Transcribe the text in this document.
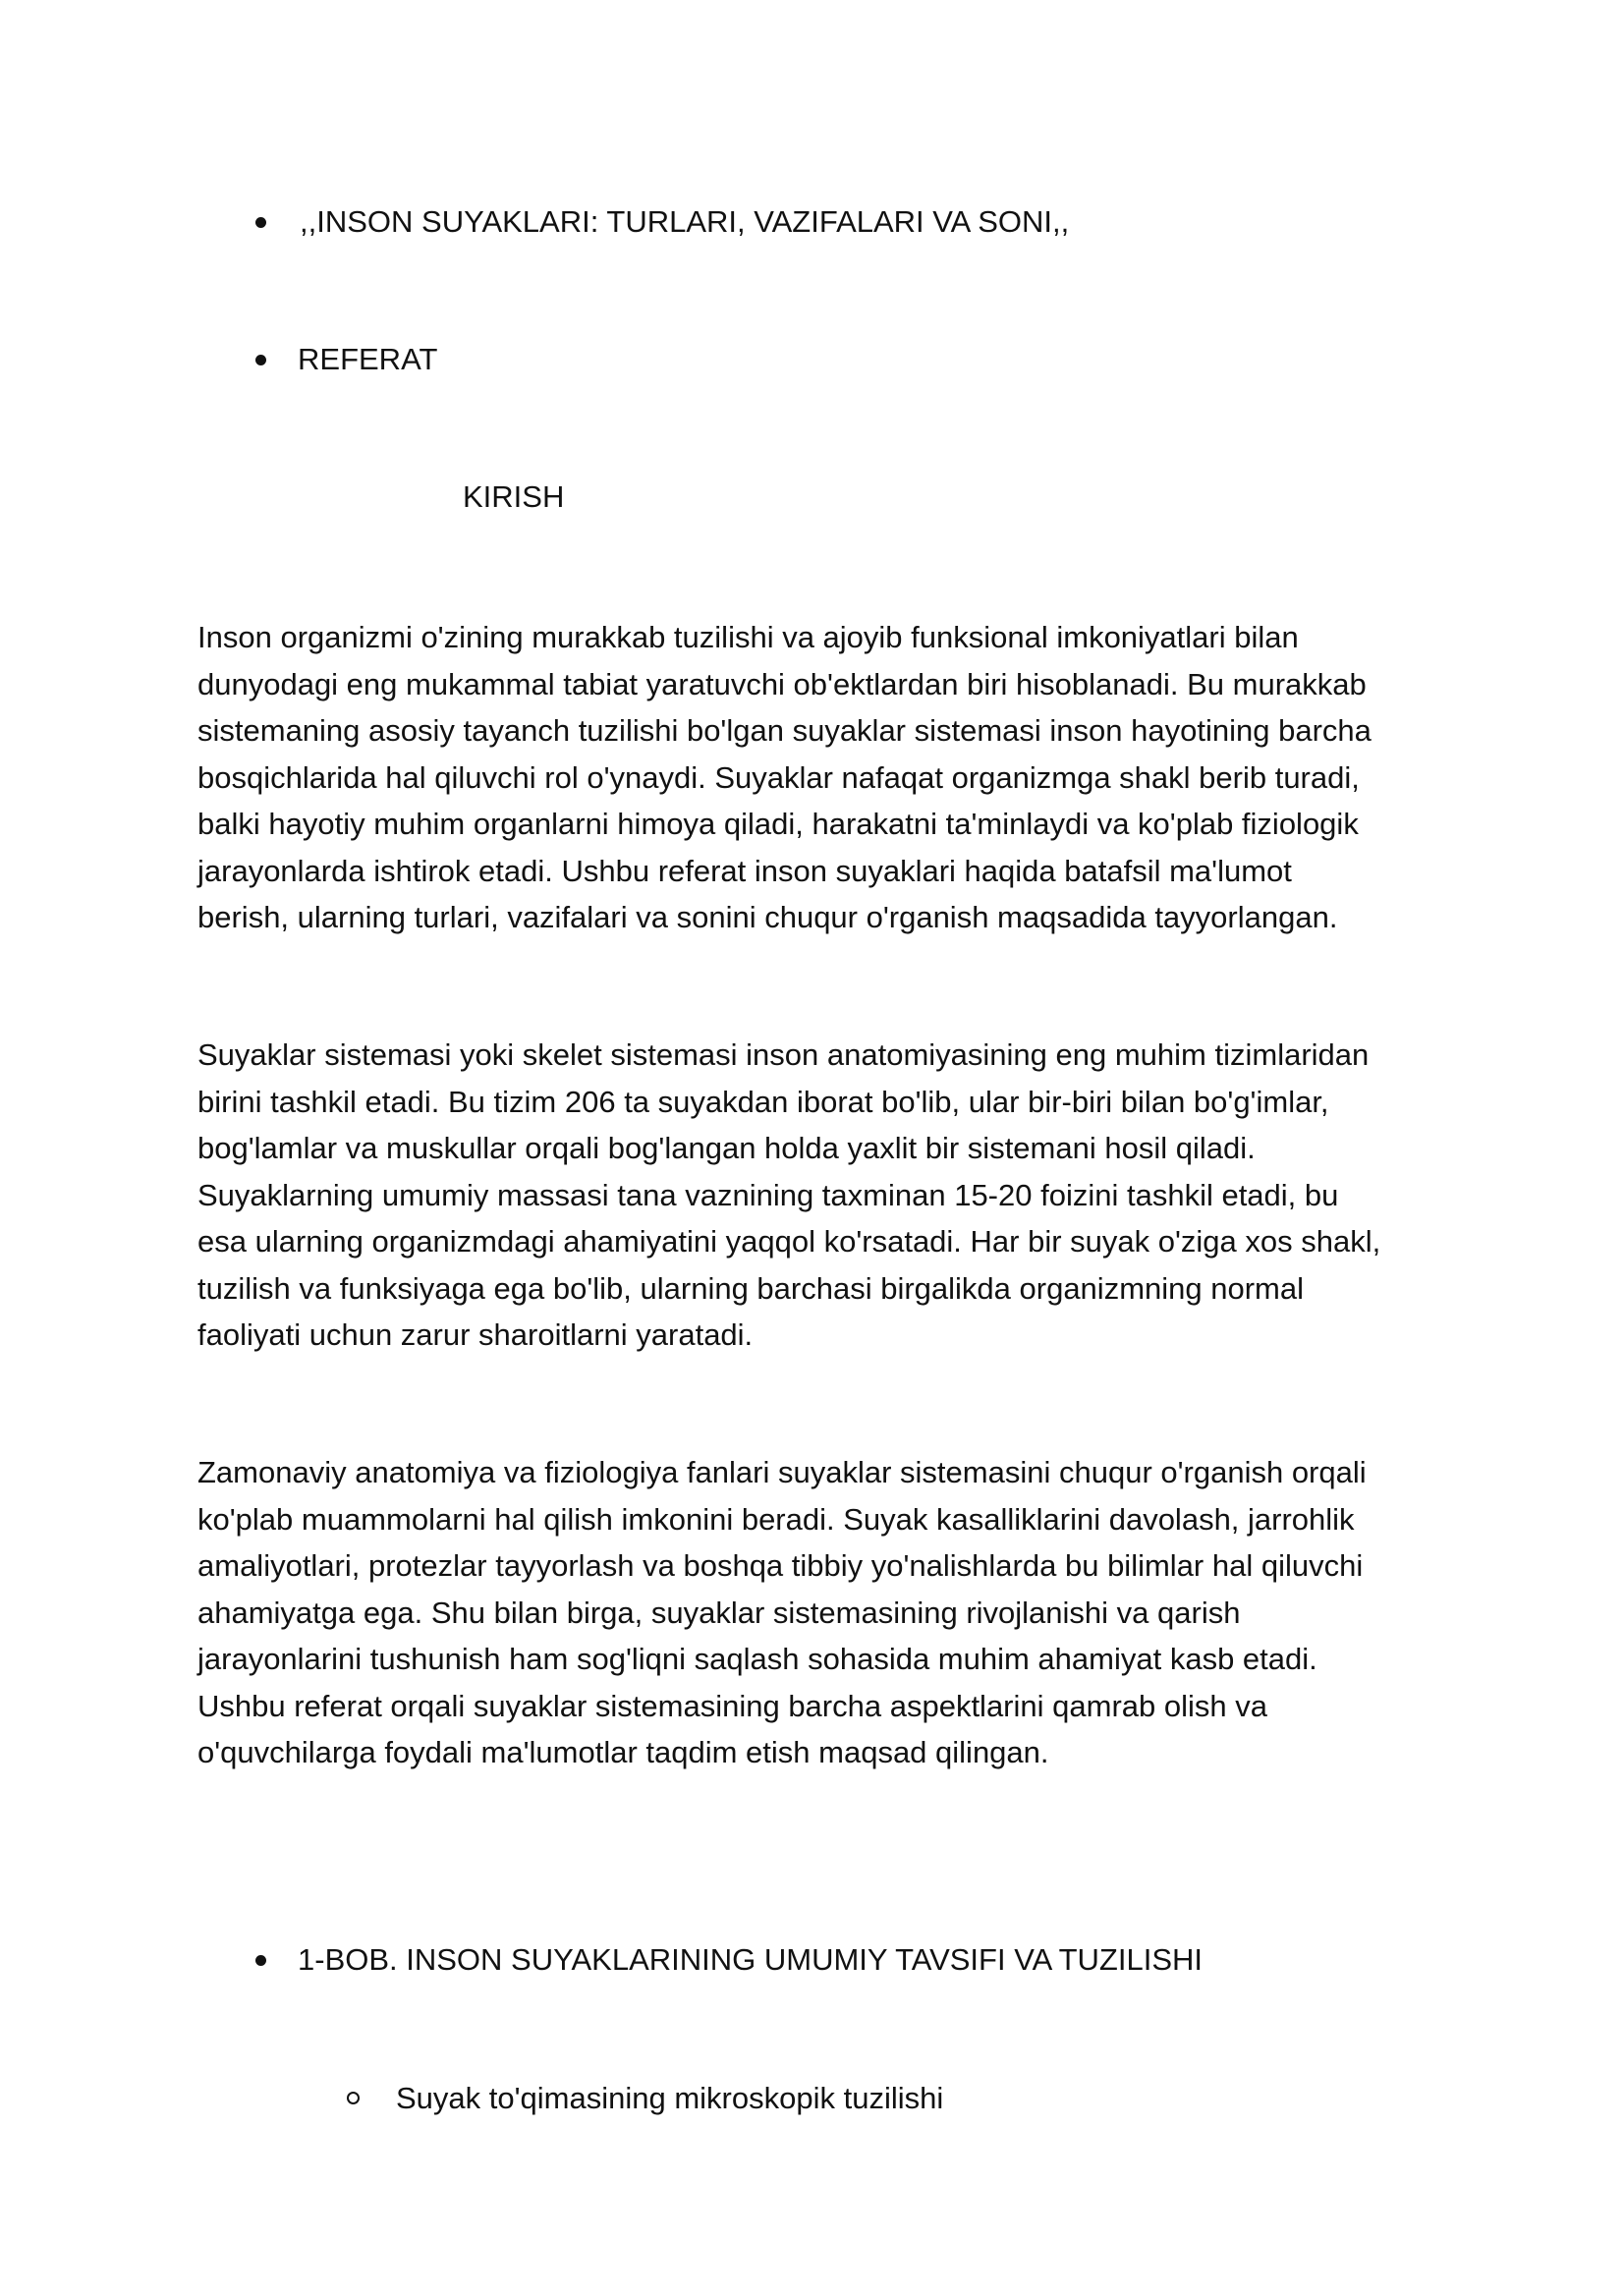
,,INSON SUYAKLARI: TURLARI, VAZIFALARI VA SONI,,
REFERAT
KIRISH
Inson organizmi o'zining murakkab tuzilishi va ajoyib funksional imkoniyatlari bilan
dunyodagi eng mukammal tabiat yaratuvchi ob'ektlardan biri hisoblanadi. Bu murakkab
sistemaning asosiy tayanch tuzilishi bo'lgan suyaklar sistemasi inson hayotining barcha
bosqichlarida hal qiluvchi rol o'ynaydi. Suyaklar nafaqat organizmga shakl berib turadi,
balki hayotiy muhim organlarni himoya qiladi, harakatni ta'minlaydi va ko'plab fiziologik
jarayonlarda ishtirok etadi. Ushbu referat inson suyaklari haqida batafsil ma'lumot
berish, ularning turlari, vazifalari va sonini chuqur o'rganish maqsadida tayyorlangan.
Suyaklar sistemasi yoki skelet sistemasi inson anatomiyasining eng muhim tizimlaridan
birini tashkil etadi. Bu tizim 206 ta suyakdan iborat bo'lib, ular bir-biri bilan bo'g'imlar,
bog'lamlar va muskullar orqali bog'langan holda yaxlit bir sistemani hosil qiladi.
Suyaklarning umumiy massasi tana vaznining taxminan 15-20 foizini tashkil etadi, bu
esa ularning organizmdagi ahamiyatini yaqqol ko'rsatadi. Har bir suyak o'ziga xos shakl,
tuzilish va funksiyaga ega bo'lib, ularning barchasi birgalikda organizmning normal
faoliyati uchun zarur sharoitlarni yaratadi.
Zamonaviy anatomiya va fiziologiya fanlari suyaklar sistemasini chuqur o'rganish orqali
ko'plab muammolarni hal qilish imkonini beradi. Suyak kasalliklarini davolash, jarrohlik
amaliyotlari, protezlar tayyorlash va boshqa tibbiy yo'nalishlarda bu bilimlar hal qiluvchi
ahamiyatga ega. Shu bilan birga, suyaklar sistemasining rivojlanishi va qarish
jarayonlarini tushunish ham sog'liqni saqlash sohasida muhim ahamiyat kasb etadi.
Ushbu referat orqali suyaklar sistemasining barcha aspektlarini qamrab olish va
o'quvchilarga foydali ma'lumotlar taqdim etish maqsad qilingan.
1-BOB. INSON SUYAKLARINING UMUMIY TAVSIFI VA TUZILISHI
Suyak to'qimasining mikroskopik tuzilishi
